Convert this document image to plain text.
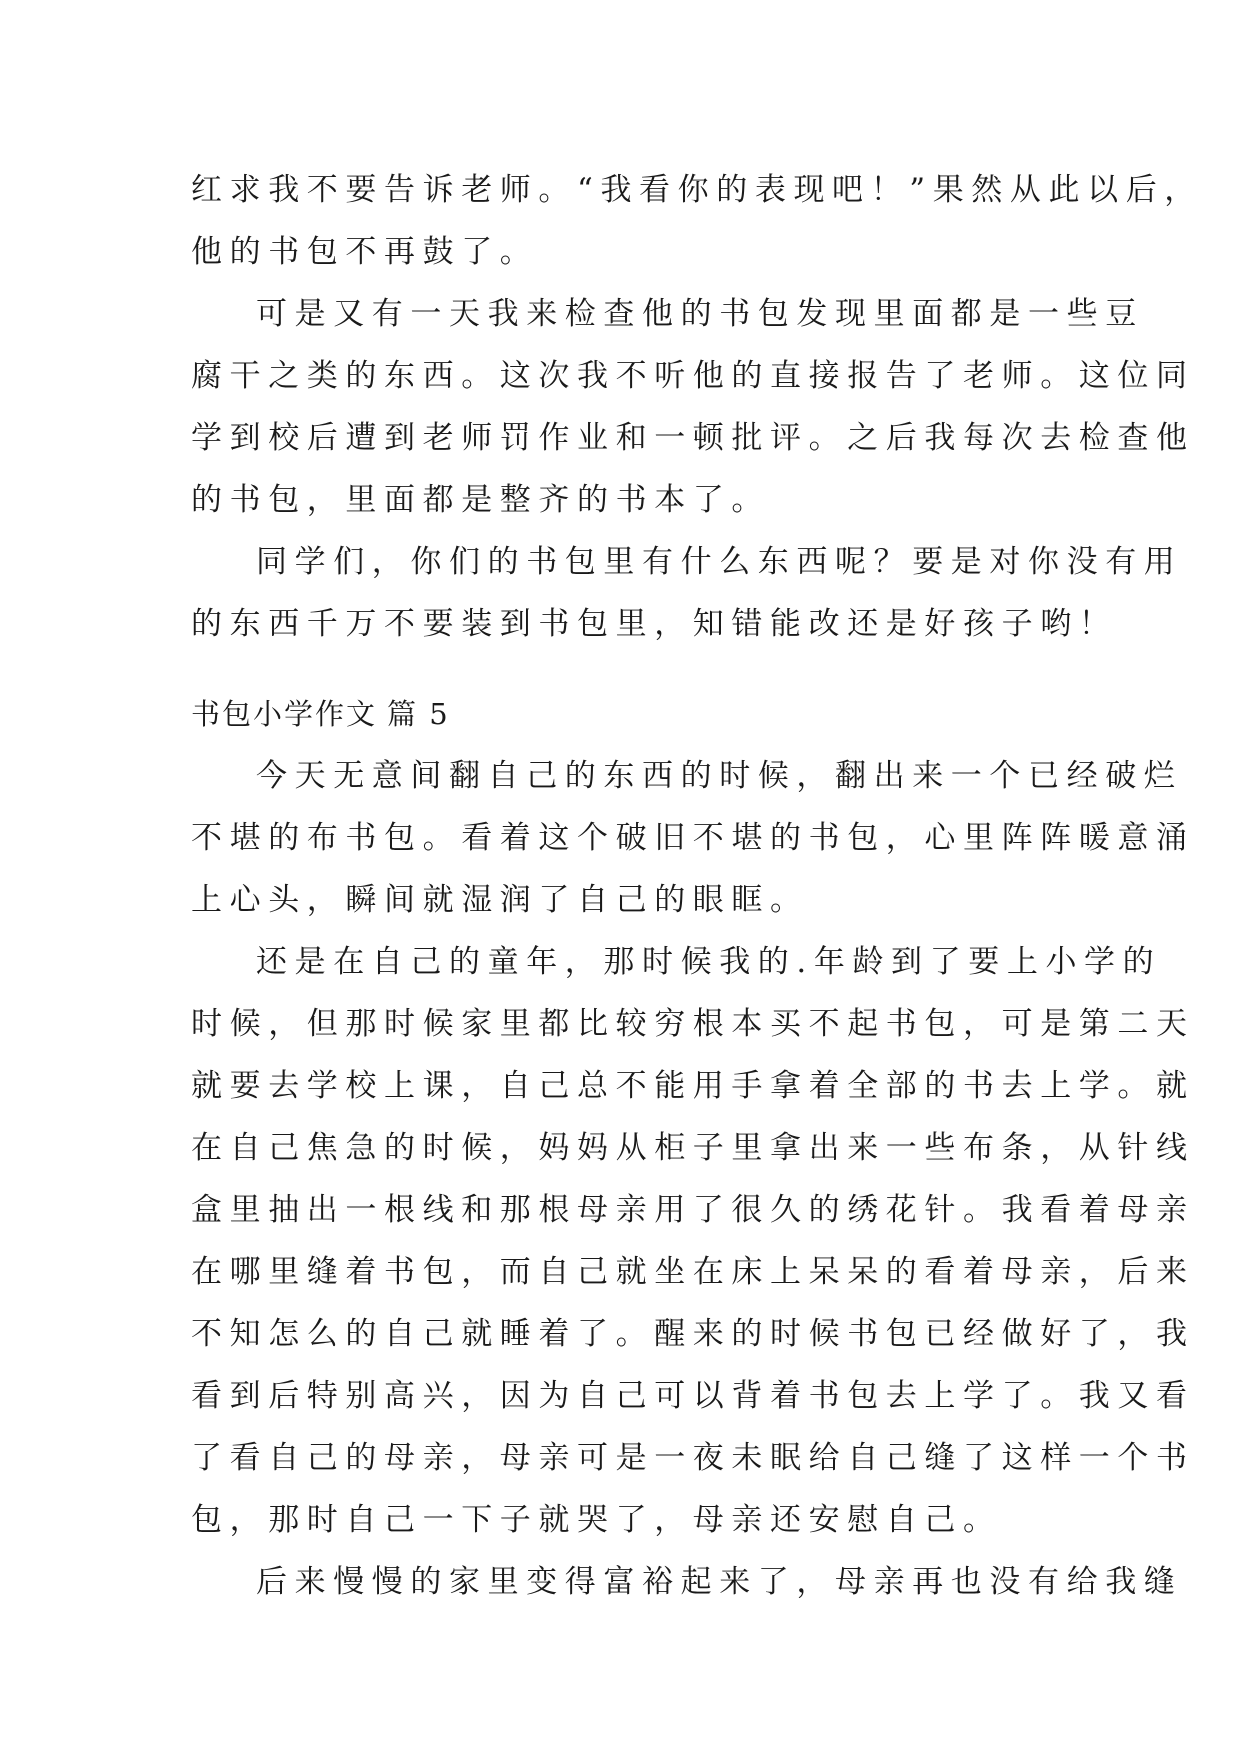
红求我不要告诉老师。“我看你的表现吧！”果然从此以后，
他的书包不再鼓了。
可是又有一天我来检查他的书包发现里面都是一些豆
腐干之类的东西。这次我不听他的直接报告了老师。这位同
学到校后遭到老师罚作业和一顿批评。之后我每次去检查他
的书包，里面都是整齐的书本了。
同学们，你们的书包里有什么东西呢？要是对你没有用
的东西千万不要装到书包里，知错能改还是好孩子哟！
书包小学作文 篇 5
今天无意间翻自己的东西的时候，翻出来一个已经破烂
不堪的布书包。看着这个破旧不堪的书包，心里阵阵暖意涌
上心头，瞬间就湿润了自己的眼眶。
还是在自己的童年，那时候我的.年龄到了要上小学的
时候，但那时候家里都比较穷根本买不起书包，可是第二天
就要去学校上课，自己总不能用手拿着全部的书去上学。就
在自己焦急的时候，妈妈从柜子里拿出来一些布条，从针线
盒里抽出一根线和那根母亲用了很久的绣花针。我看着母亲
在哪里缝着书包，而自己就坐在床上呆呆的看着母亲，后来
不知怎么的自己就睡着了。醒来的时候书包已经做好了，我
看到后特别高兴，因为自己可以背着书包去上学了。我又看
了看自己的母亲，母亲可是一夜未眠给自己缝了这样一个书
包，那时自己一下子就哭了，母亲还安慰自己。
后来慢慢的家里变得富裕起来了，母亲再也没有给我缝
